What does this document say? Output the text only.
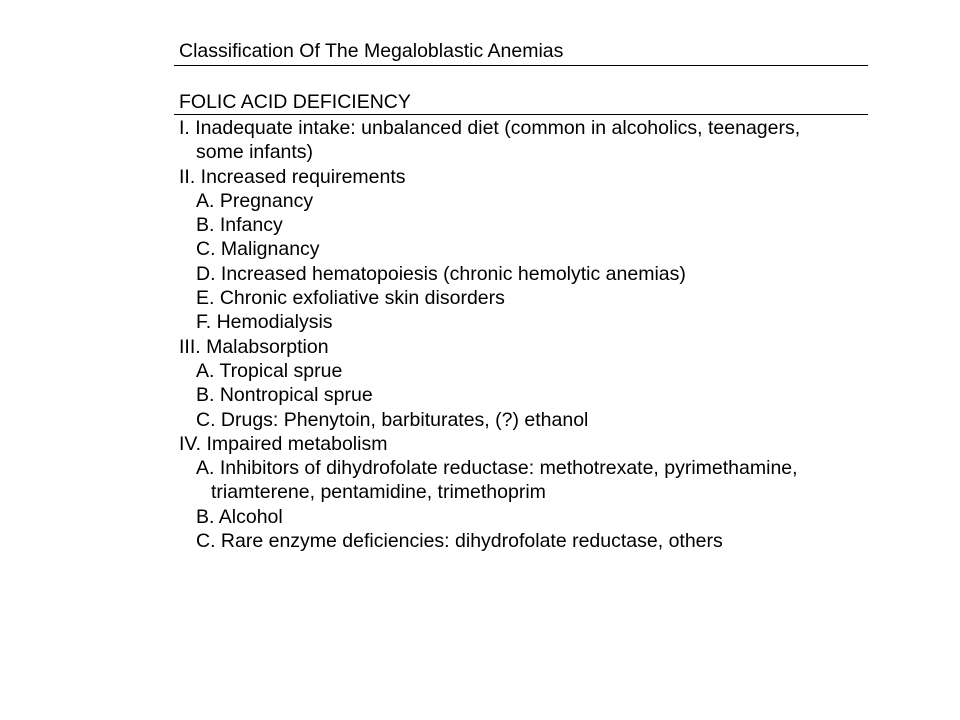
Classification Of The Megaloblastic Anemias
FOLIC ACID DEFICIENCY
I. Inadequate intake: unbalanced diet (common in alcoholics, teenagers,
some infants)
II. Increased requirements
A. Pregnancy
B. Infancy
C. Malignancy
D. Increased hematopoiesis (chronic hemolytic anemias)
E. Chronic exfoliative skin disorders
F. Hemodialysis
III. Malabsorption
A. Tropical sprue
B. Nontropical sprue
C. Drugs: Phenytoin, barbiturates, (?) ethanol
IV. Impaired metabolism
A. Inhibitors of dihydrofolate reductase: methotrexate, pyrimethamine,
triamterene, pentamidine, trimethoprim
B. Alcohol
C. Rare enzyme deficiencies: dihydrofolate reductase, others
